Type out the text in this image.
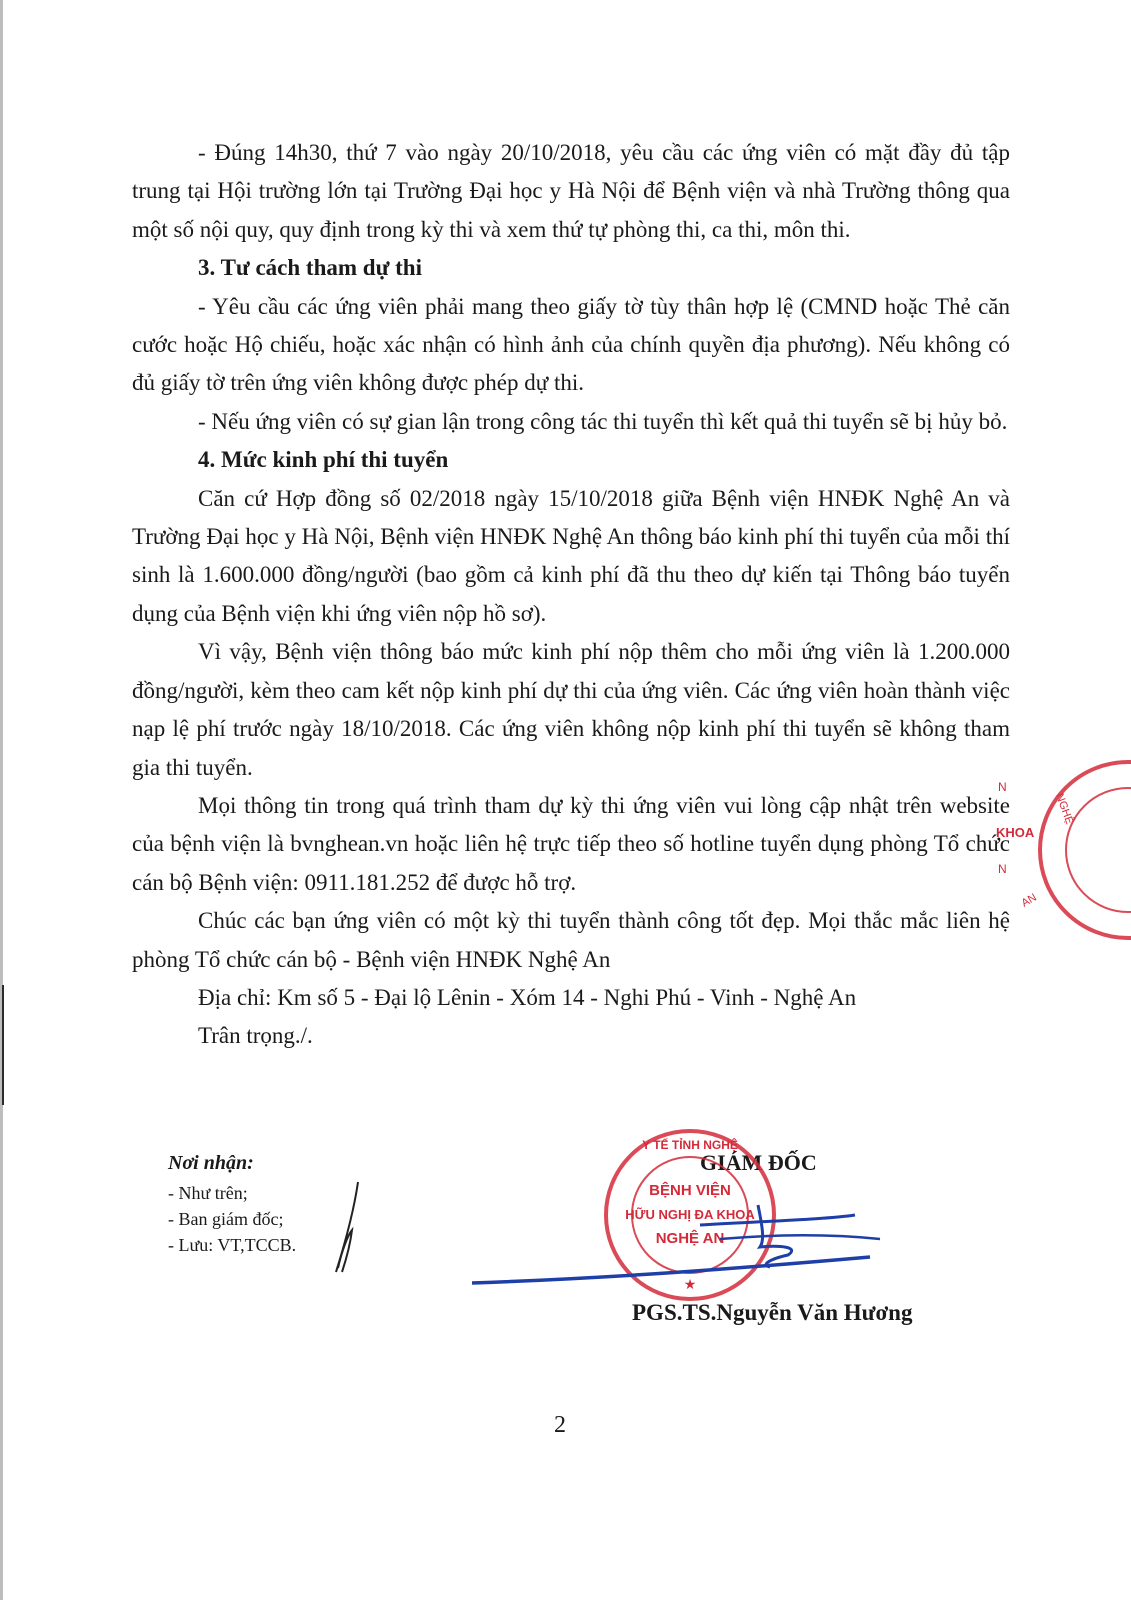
- Đúng 14h30, thứ 7 vào ngày 20/10/2018, yêu cầu các ứng viên có mặt đầy đủ tập trung tại Hội trường lớn tại Trường Đại học y Hà Nội để Bệnh viện và nhà Trường thông qua một số nội quy, quy định trong kỳ thi và xem thứ tự phòng thi, ca thi, môn thi.

3. Tư cách tham dự thi

- Yêu cầu các ứng viên phải mang theo giấy tờ tùy thân hợp lệ (CMND hoặc Thẻ căn cước hoặc Hộ chiếu, hoặc xác nhận có hình ảnh của chính quyền địa phương). Nếu không có đủ giấy tờ trên ứng viên không được phép dự thi.

- Nếu ứng viên có sự gian lận trong công tác thi tuyển thì kết quả thi tuyển sẽ bị hủy bỏ.

4. Mức kinh phí thi tuyển

Căn cứ Hợp đồng số 02/2018 ngày 15/10/2018 giữa Bệnh viện HNĐK Nghệ An và Trường Đại học y Hà Nội, Bệnh viện HNĐK Nghệ An thông báo kinh phí thi tuyển của mỗi thí sinh là 1.600.000 đồng/người (bao gồm cả kinh phí đã thu theo dự kiến tại Thông báo tuyển dụng của Bệnh viện khi ứng viên nộp hồ sơ).

Vì vậy, Bệnh viện thông báo mức kinh phí nộp thêm cho mỗi ứng viên là 1.200.000 đồng/người, kèm theo cam kết nộp kinh phí dự thi của ứng viên. Các ứng viên hoàn thành việc nạp lệ phí trước ngày 18/10/2018. Các ứng viên không nộp kinh phí thi tuyển sẽ không tham gia thi tuyển.

Mọi thông tin trong quá trình tham dự kỳ thi ứng viên vui lòng cập nhật trên website của bệnh viện là bvnghean.vn hoặc liên hệ trực tiếp theo số hotline tuyển dụng phòng Tổ chức cán bộ Bệnh viện: 0911.181.252 để được hỗ trợ.

Chúc các bạn ứng viên có một kỳ thi tuyển thành công tốt đẹp. Mọi thắc mắc liên hệ phòng Tổ chức cán bộ - Bệnh viện HNĐK Nghệ An

Địa chỉ: Km số 5 - Đại lộ Lênin - Xóm 14 - Nghi Phú - Vinh - Nghệ An

Trân trọng./.

Nơi nhận:
- Như trên;
- Ban giám đốc;
- Lưu: VT,TCCB.
GIÁM ĐỐC
Y TẾ TỈNH NGHỆ
BỆNH VIỆN
HỮU NGHỊ ĐA KHOA
NGHỆ AN
★
N
KHOA
N
NGHỆ
AN
PGS.TS.Nguyễn Văn Hương
2
